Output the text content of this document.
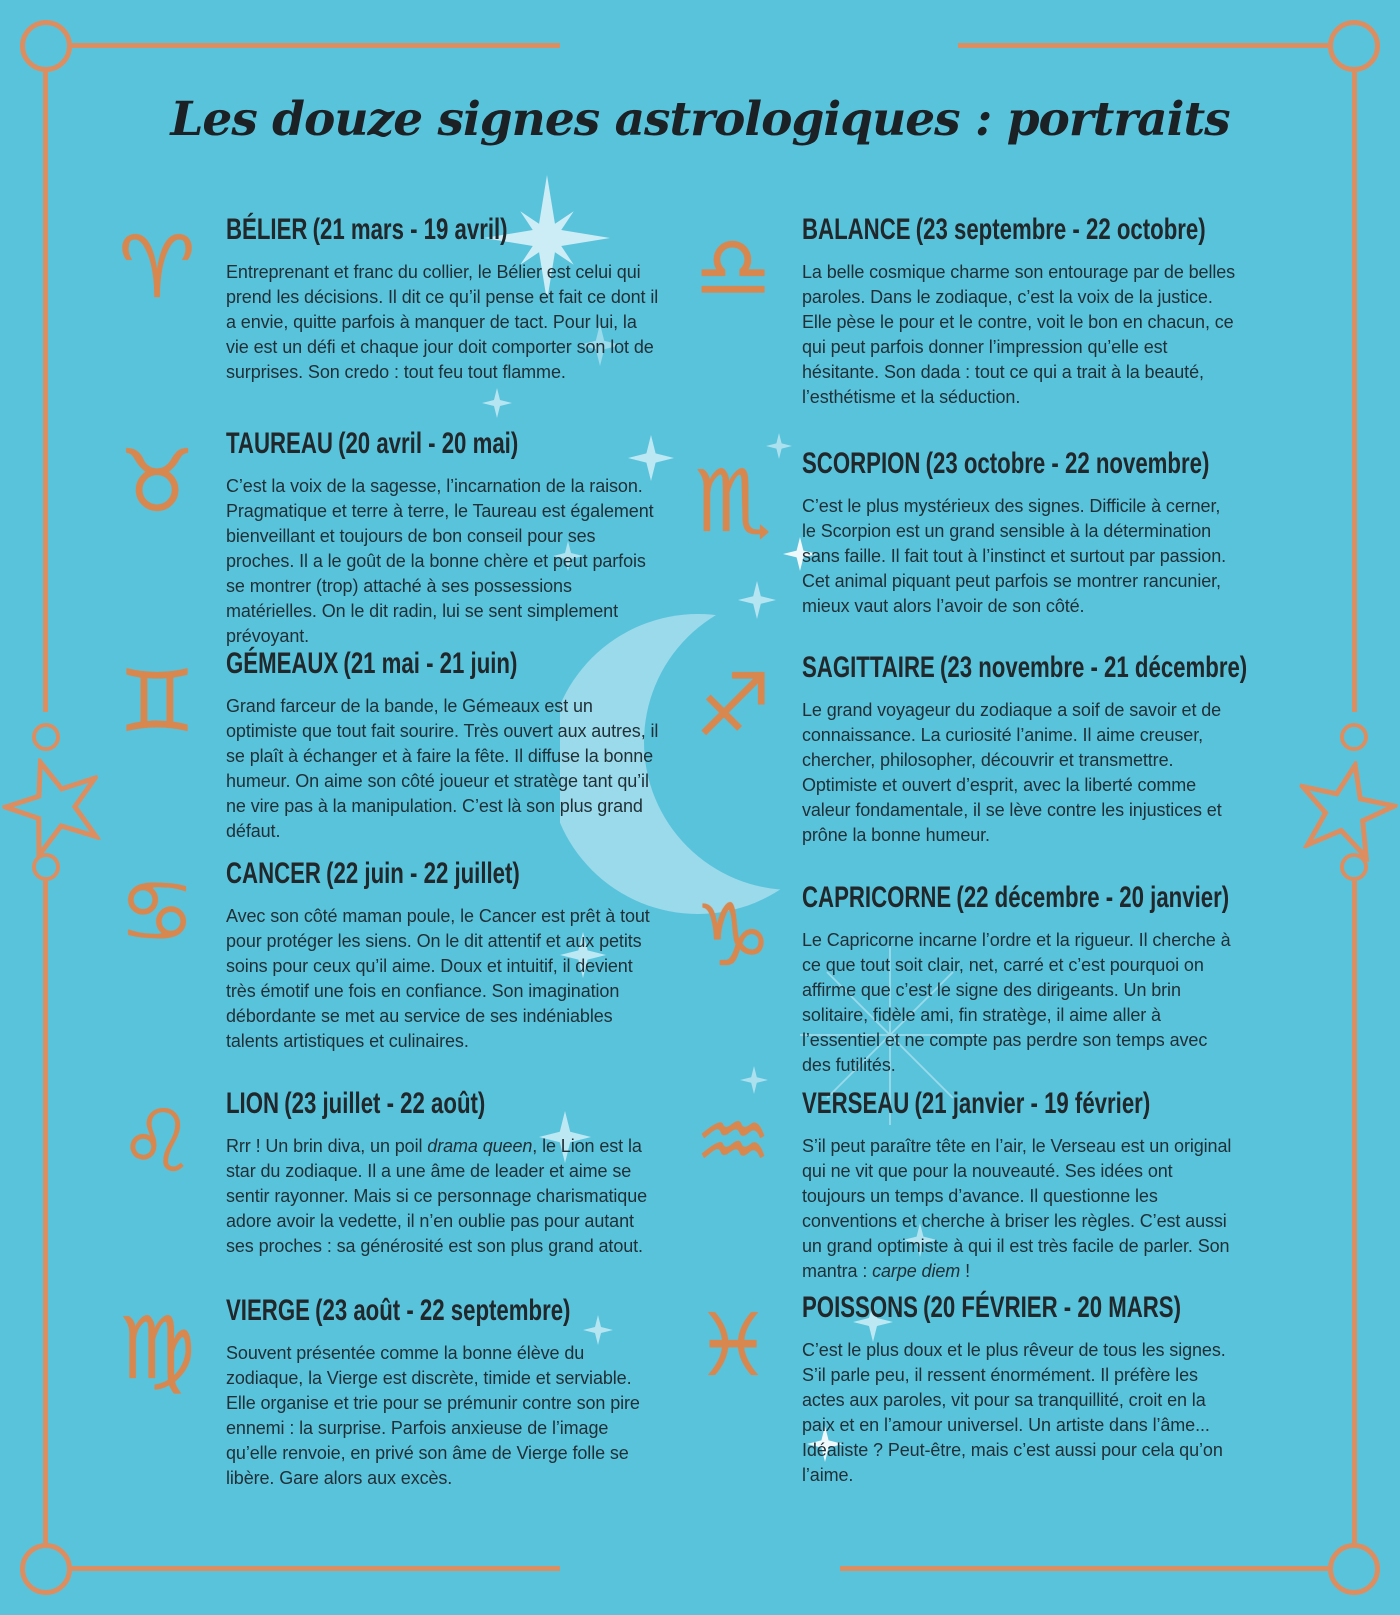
Les douze signes astrologiques : portraits
♈ BÉLIER (21 mars - 19 avril)

Entreprenant et franc du collier, le Bélier est celui qui prend les décisions. Il dit ce qu’il pense et fait ce dont il a envie, quitte parfois à manquer de tact. Pour lui, la vie est un défi et chaque jour doit comporter son lot de surprises. Son credo : tout feu tout flamme.

♉ TAUREAU (20 avril - 20 mai)

C’est la voix de la sagesse, l’incarnation de la raison. Pragmatique et terre à terre, le Taureau est également bienveillant et toujours de bon conseil pour ses proches. Il a le goût de la bonne chère et peut parfois se montrer (trop) attaché à ses possessions matérielles. On le dit radin, lui se sent simplement prévoyant.

♊ GÉMEAUX (21 mai - 21 juin)

Grand farceur de la bande, le Gémeaux est un optimiste que tout fait sourire. Très ouvert aux autres, il se plaît à échanger et à faire la fête. Il diffuse la bonne humeur. On aime son côté joueur et stratège tant qu’il ne vire pas à la manipulation. C’est là son plus grand défaut.

♋ CANCER (22 juin - 22 juillet)

Avec son côté maman poule, le Cancer est prêt à tout pour protéger les siens. On le dit attentif et aux petits soins pour ceux qu’il aime. Doux et intuitif, il devient très émotif une fois en confiance. Son imagination débordante se met au service de ses indéniables talents artistiques et culinaires.

♌ LION (23 juillet - 22 août)

Rrr ! Un brin diva, un poil drama queen, le Lion est la star du zodiaque. Il a une âme de leader et aime se sentir rayonner. Mais si ce personnage charismatique adore avoir la vedette, il n’en oublie pas pour autant ses proches : sa générosité est son plus grand atout.

♍ VIERGE (23 août - 22 septembre)

Souvent présentée comme la bonne élève du zodiaque, la Vierge est discrète, timide et serviable. Elle organise et trie pour se prémunir contre son pire ennemi : la surprise. Parfois anxieuse de l’image qu’elle renvoie, en privé son âme de Vierge folle se libère. Gare alors aux excès.

♎ BALANCE (23 septembre - 22 octobre)

La belle cosmique charme son entourage par de belles paroles. Dans le zodiaque, c’est la voix de la justice. Elle pèse le pour et le contre, voit le bon en chacun, ce qui peut parfois donner l’impression qu’elle est hésitante. Son dada : tout ce qui a trait à la beauté, l’esthétisme et la séduction.

♏ SCORPION (23 octobre - 22 novembre)

C’est le plus mystérieux des signes. Difficile à cerner, le Scorpion est un grand sensible à la détermination sans faille. Il fait tout à l’instinct et surtout par passion. Cet animal piquant peut parfois se montrer rancunier, mieux vaut alors l’avoir de son côté.

♐ SAGITTAIRE (23 novembre - 21 décembre)

Le grand voyageur du zodiaque a soif de savoir et de connaissance. La curiosité l’anime. Il aime creuser, chercher, philosopher, découvrir et transmettre. Optimiste et ouvert d’esprit, avec la liberté comme valeur fondamentale, il se lève contre les injustices et prône la bonne humeur.

♑ CAPRICORNE (22 décembre - 20 janvier)

Le Capricorne incarne l’ordre et la rigueur. Il cherche à ce que tout soit clair, net, carré et c’est pourquoi on affirme que c’est le signe des dirigeants. Un brin solitaire, fidèle ami, fin stratège, il aime aller à l’essentiel et ne compte pas perdre son temps avec des futilités.

♒ VERSEAU (21 janvier - 19 février)

S’il peut paraître tête en l’air, le Verseau est un original qui ne vit que pour la nouveauté. Ses idées ont toujours un temps d’avance. Il questionne les conventions et cherche à briser les règles. C’est aussi un grand optimiste à qui il est très facile de parler. Son mantra : carpe diem !

♓ POISSONS (20 FÉVRIER - 20 MARS)

C’est le plus doux et le plus rêveur de tous les signes. S’il parle peu, il ressent énormément. Il préfère les actes aux paroles, vit pour sa tranquillité, croit en la paix et en l’amour universel. Un artiste dans l’âme... Idéaliste ? Peut-être, mais c’est aussi pour cela qu’on l’aime.
